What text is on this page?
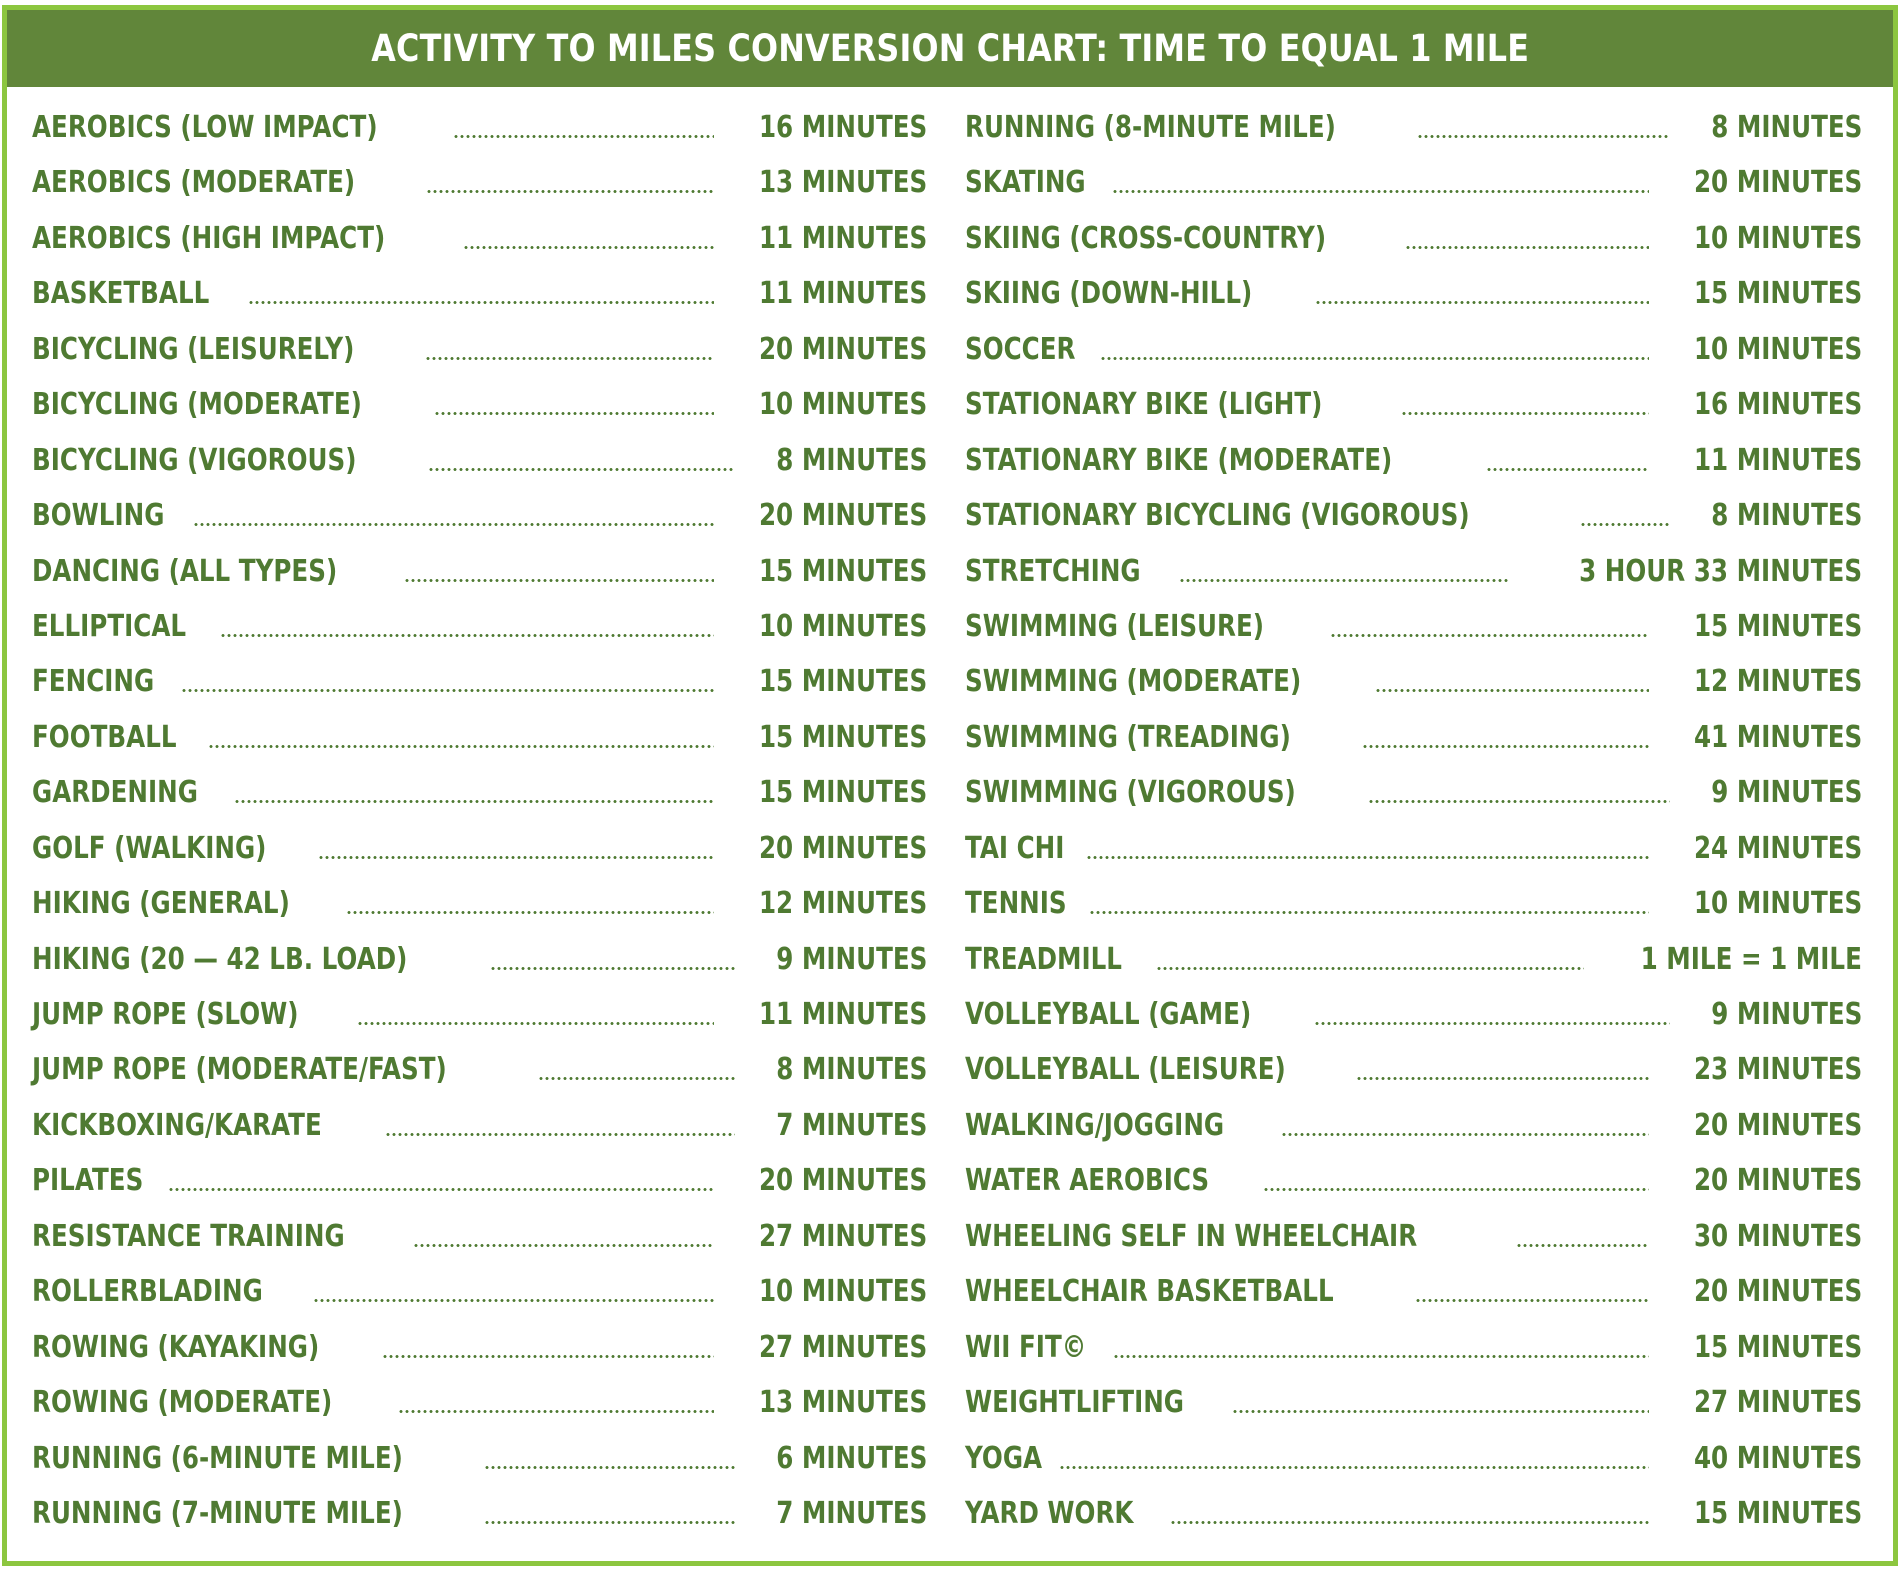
ACTIVITY TO MILES CONVERSION CHART: TIME TO EQUAL 1 MILE
AEROBICS (LOW IMPACT)	16 MINUTES
AEROBICS (MODERATE)	13 MINUTES
AEROBICS (HIGH IMPACT)	11 MINUTES
BASKETBALL	11 MINUTES
BICYCLING (LEISURELY)	20 MINUTES
BICYCLING (MODERATE)	10 MINUTES
BICYCLING (VIGOROUS)	8 MINUTES
BOWLING	20 MINUTES
DANCING (ALL TYPES)	15 MINUTES
ELLIPTICAL	10 MINUTES
FENCING	15 MINUTES
FOOTBALL	15 MINUTES
GARDENING	15 MINUTES
GOLF (WALKING)	20 MINUTES
HIKING (GENERAL)	12 MINUTES
HIKING (20 — 42 LB. LOAD)	9 MINUTES
JUMP ROPE (SLOW)	11 MINUTES
JUMP ROPE (MODERATE/FAST)	8 MINUTES
KICKBOXING/KARATE	7 MINUTES
PILATES	20 MINUTES
RESISTANCE TRAINING	27 MINUTES
ROLLERBLADING	10 MINUTES
ROWING (KAYAKING)	27 MINUTES
ROWING (MODERATE)	13 MINUTES
RUNNING (6-MINUTE MILE)	6 MINUTES
RUNNING (7-MINUTE MILE)	7 MINUTES
RUNNING (8-MINUTE MILE)	8 MINUTES
SKATING	20 MINUTES
SKIING (CROSS-COUNTRY)	10 MINUTES
SKIING (DOWN-HILL)	15 MINUTES
SOCCER	10 MINUTES
STATIONARY BIKE (LIGHT)	16 MINUTES
STATIONARY BIKE (MODERATE)	11 MINUTES
STATIONARY BICYCLING (VIGOROUS)	8 MINUTES
STRETCHING	3 HOUR 33 MINUTES
SWIMMING (LEISURE)	15 MINUTES
SWIMMING (MODERATE)	12 MINUTES
SWIMMING (TREADING)	41 MINUTES
SWIMMING (VIGOROUS)	9 MINUTES
TAI CHI	24 MINUTES
TENNIS	10 MINUTES
TREADMILL	1 MILE = 1 MILE
VOLLEYBALL (GAME)	9 MINUTES
VOLLEYBALL (LEISURE)	23 MINUTES
WALKING/JOGGING	20 MINUTES
WATER AEROBICS	20 MINUTES
WHEELING SELF IN WHEELCHAIR	30 MINUTES
WHEELCHAIR BASKETBALL	20 MINUTES
WII FIT©	15 MINUTES
WEIGHTLIFTING	27 MINUTES
YOGA	40 MINUTES
YARD WORK	15 MINUTES
